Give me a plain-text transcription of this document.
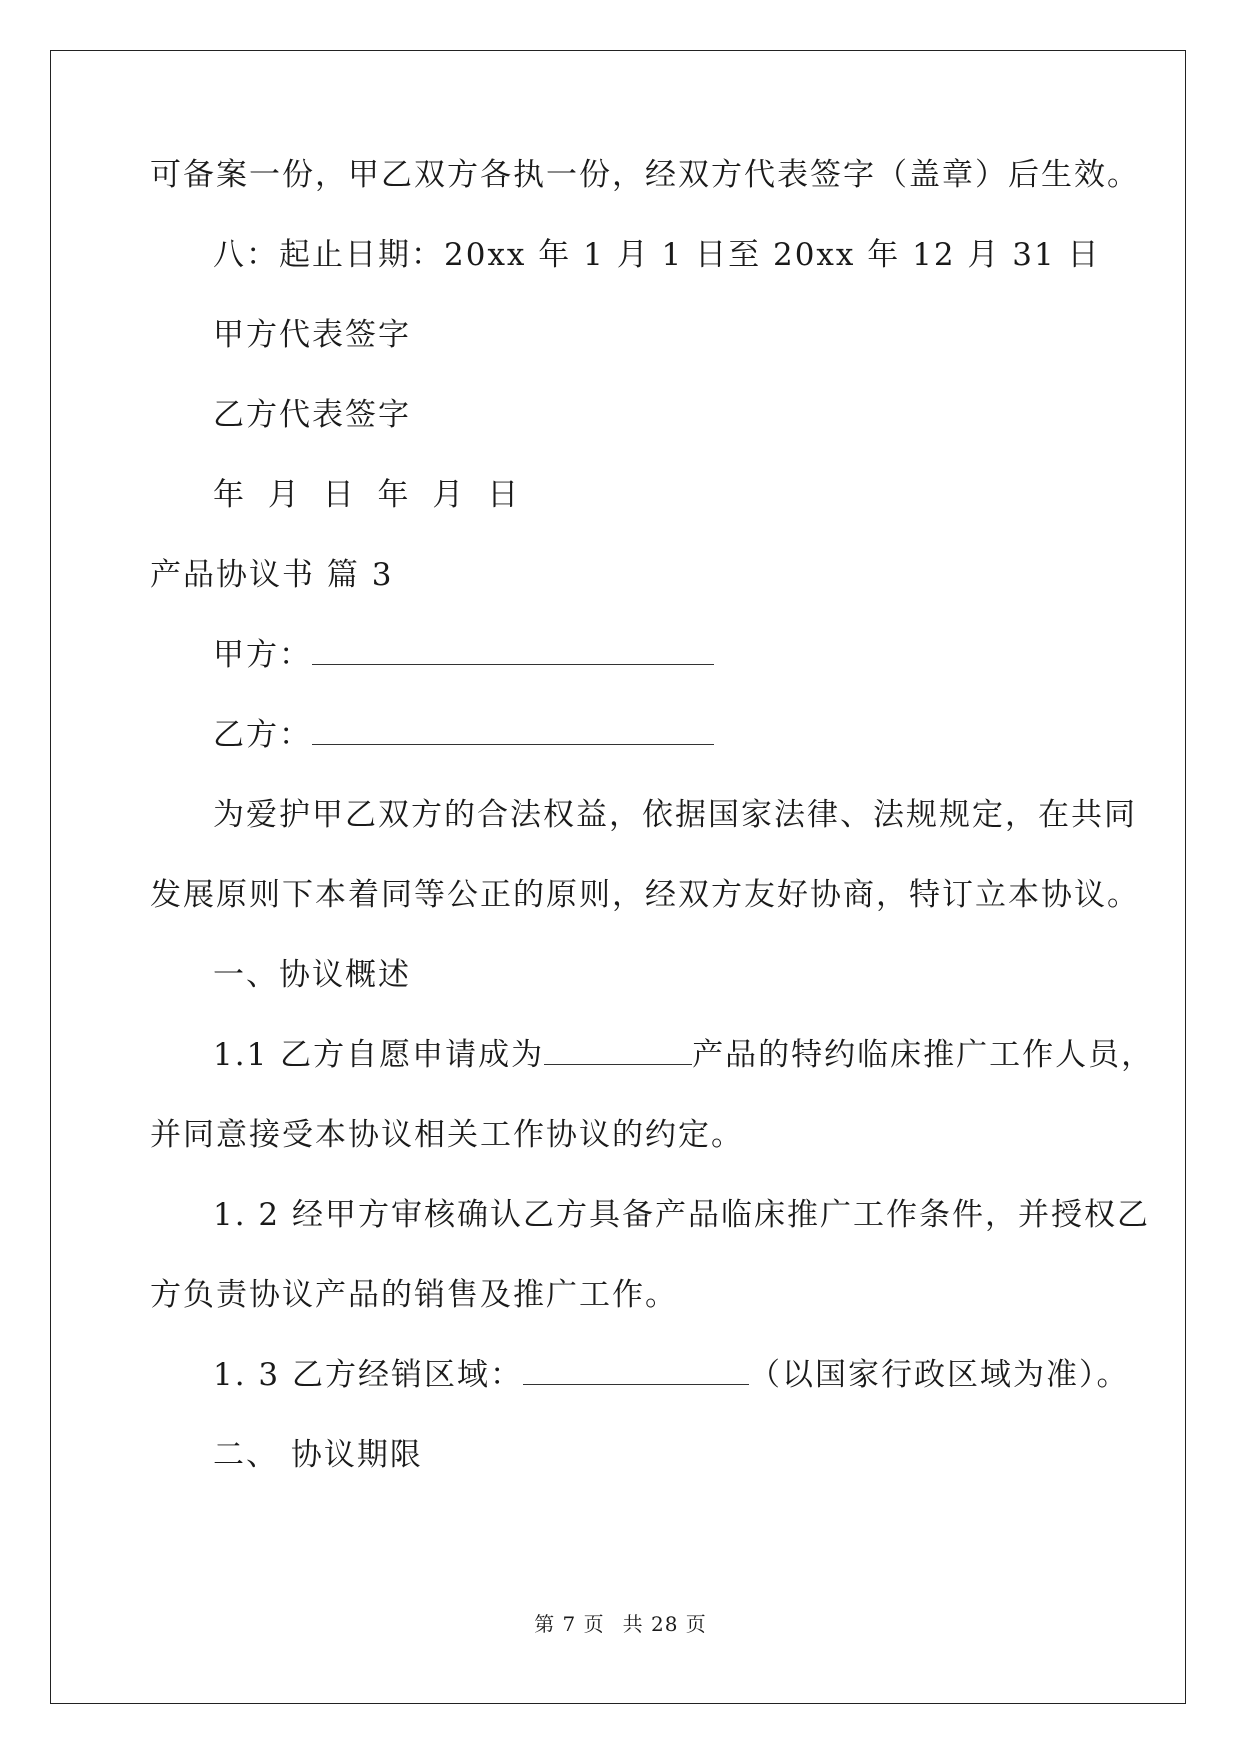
可备案一份，甲乙双方各执一份，经双方代表签字（盖章）后生效。
八：起止日期：20xx 年 1 月 1 日至 20xx 年 12 月 31 日
甲方代表签字
乙方代表签字
年 月 日 年 月 日
产品协议书 篇 3
甲方：
乙方：
为爱护甲乙双方的合法权益，依据国家法律、法规规定，在共同
发展原则下本着同等公正的原则，经双方友好协商，特订立本协议。
一、协议概述
1.1 乙方自愿申请成为	产品的特约临床推广工作人员，
并同意接受本协议相关工作协议的约定。
1. 2 经甲方审核确认乙方具备产品临床推广工作条件，并授权乙
方负责协议产品的销售及推广工作。
1. 3 乙方经销区域：	（以国家行政区域为准）。
二、 协议期限
第 7 页 共 28 页
